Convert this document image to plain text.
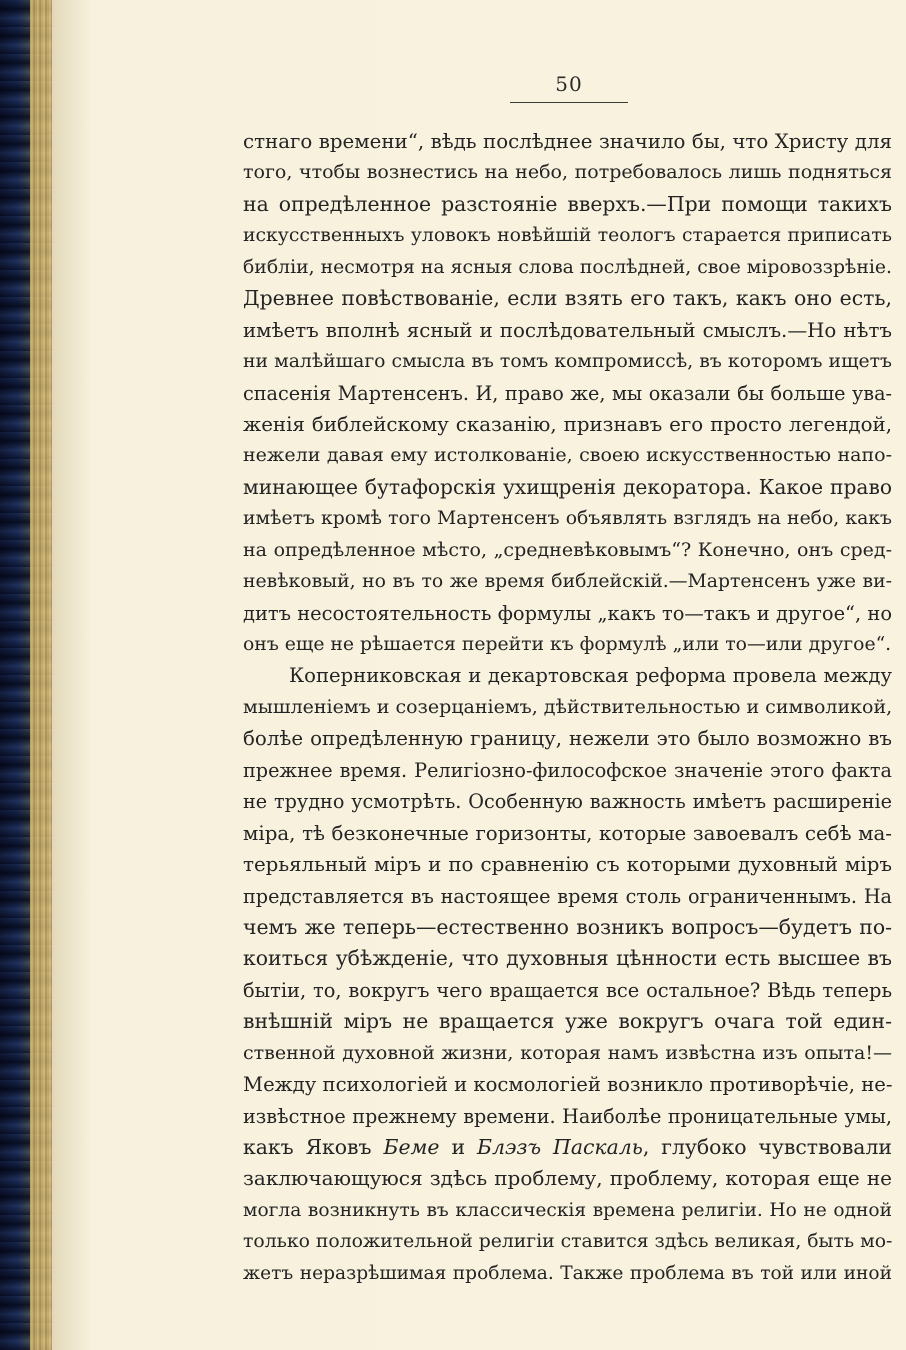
50
стнаго времени“, вѣдь послѣднее значило бы, что Христу для
того, чтобы вознестись на небо, потребовалось лишь подняться
на опредѣленное разстояніе вверхъ.—При помощи такихъ
искусственныхъ уловокъ новѣйшій теологъ старается приписать
библіи, несмотря на ясныя слова послѣдней, свое міровоззрѣніе.
Древнее повѣствованіе, если взять его такъ, какъ оно есть,
имѣетъ вполнѣ ясный и послѣдовательный смыслъ.—Но нѣтъ
ни малѣйшаго смысла въ томъ компромиссѣ, въ которомъ ищетъ
спасенія Мартенсенъ. И, право же, мы оказали бы больше ува-
женія библейскому сказанію, признавъ его просто легендой,
нежели давая ему истолкованіе, своею искусственностью напо-
минающее бутафорскія ухищренія декоратора. Какое право
имѣетъ кромѣ того Мартенсенъ объявлять взглядъ на небо, какъ
на опредѣленное мѣсто, „средневѣковымъ“? Конечно, онъ сред-
невѣковый, но въ то же время библейскій.—Мартенсенъ уже ви-
дитъ несостоятельность формулы „какъ то—такъ и другое“, но
онъ еще не рѣшается перейти къ формулѣ „или то—или другое“.
Коперниковская и декартовская реформа провела между
мышленіемъ и созерцаніемъ, дѣйствительностью и символикой,
болѣе опредѣленную границу, нежели это было возможно въ
прежнее время. Религіозно-философское значеніе этого факта
не трудно усмотрѣть. Особенную важность имѣетъ расширеніе
міра, тѣ безконечные горизонты, которые завоевалъ себѣ ма-
терьяльный міръ и по сравненію съ которыми духовный міръ
представляется въ настоящее время столь ограниченнымъ. На
чемъ же теперь—естественно возникъ вопросъ—будетъ по-
коиться убѣжденіе, что духовныя цѣнности есть высшее въ
бытіи, то, вокругъ чего вращается все остальное? Вѣдь теперь
внѣшній міръ не вращается уже вокругъ очага той един-
ственной духовной жизни, которая намъ извѣстна изъ опыта!—
Между психологіей и космологіей возникло противорѣчіе, не-
извѣстное прежнему времени. Наиболѣе проницательные умы,
какъ Яковъ Беме и Блэзъ Паскаль, глубоко чувствовали
заключающуюся здѣсь проблему, проблему, которая еще не
могла возникнуть въ классическія времена религіи. Но не одной
только положительной религіи ставится здѣсь великая, быть мо-
жетъ неразрѣшимая проблема. Также проблема въ той или иной
